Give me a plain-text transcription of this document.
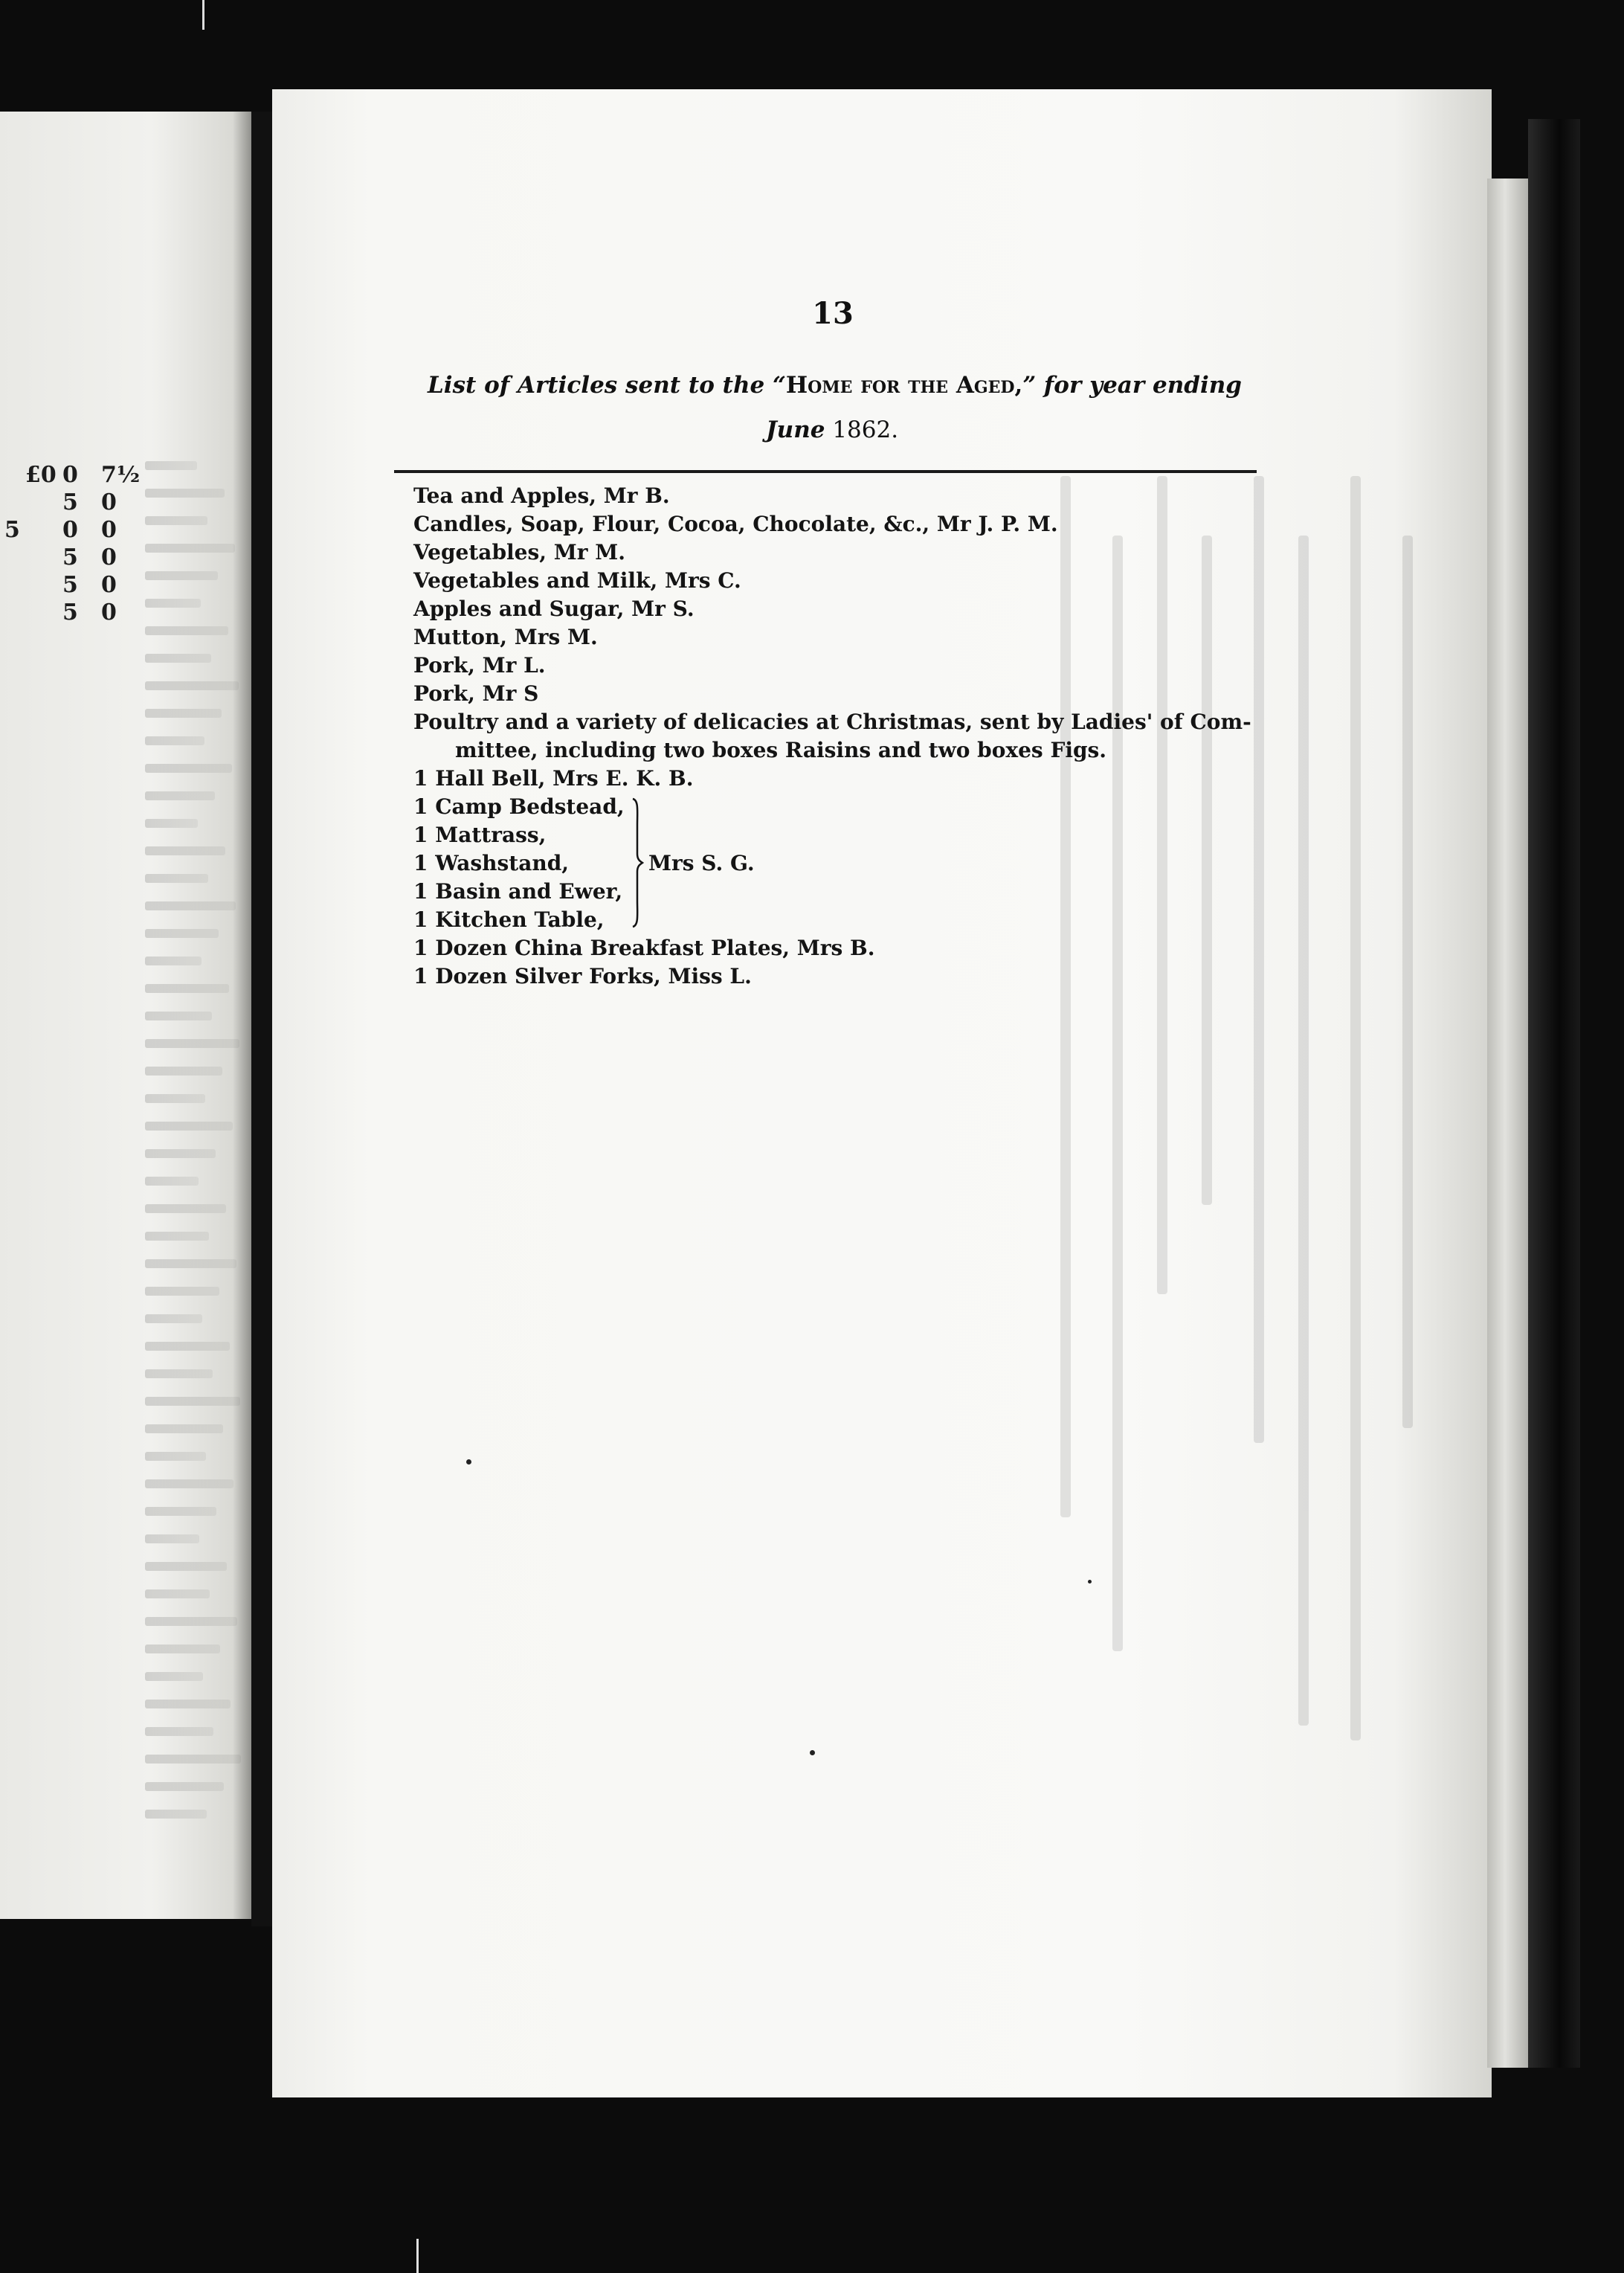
£0 0 7½
5 0
5 0 0
5 0
5 0
5 0
13
List of Articles sent to the “Home for the Aged,” for year ending
June 1862.
Tea and Apples, Mr B.
Candles, Soap, Flour, Cocoa, Chocolate, &c., Mr J. P. M.
Vegetables, Mr M.
Vegetables and Milk, Mrs C.
Apples and Sugar, Mr S.
Mutton, Mrs M.
Pork, Mr L.
Pork, Mr S
Poultry and a variety of delicacies at Christmas, sent by Ladies' of Com-
mittee, including two boxes Raisins and two boxes Figs.
1 Hall Bell, Mrs E. K. B.
1 Camp Bedstead,
1 Mattrass,
1 Washstand,
1 Basin and Ewer,
1 Kitchen Table,
Mrs S. G.
1 Dozen China Breakfast Plates, Mrs B.
1 Dozen Silver Forks, Miss L.
